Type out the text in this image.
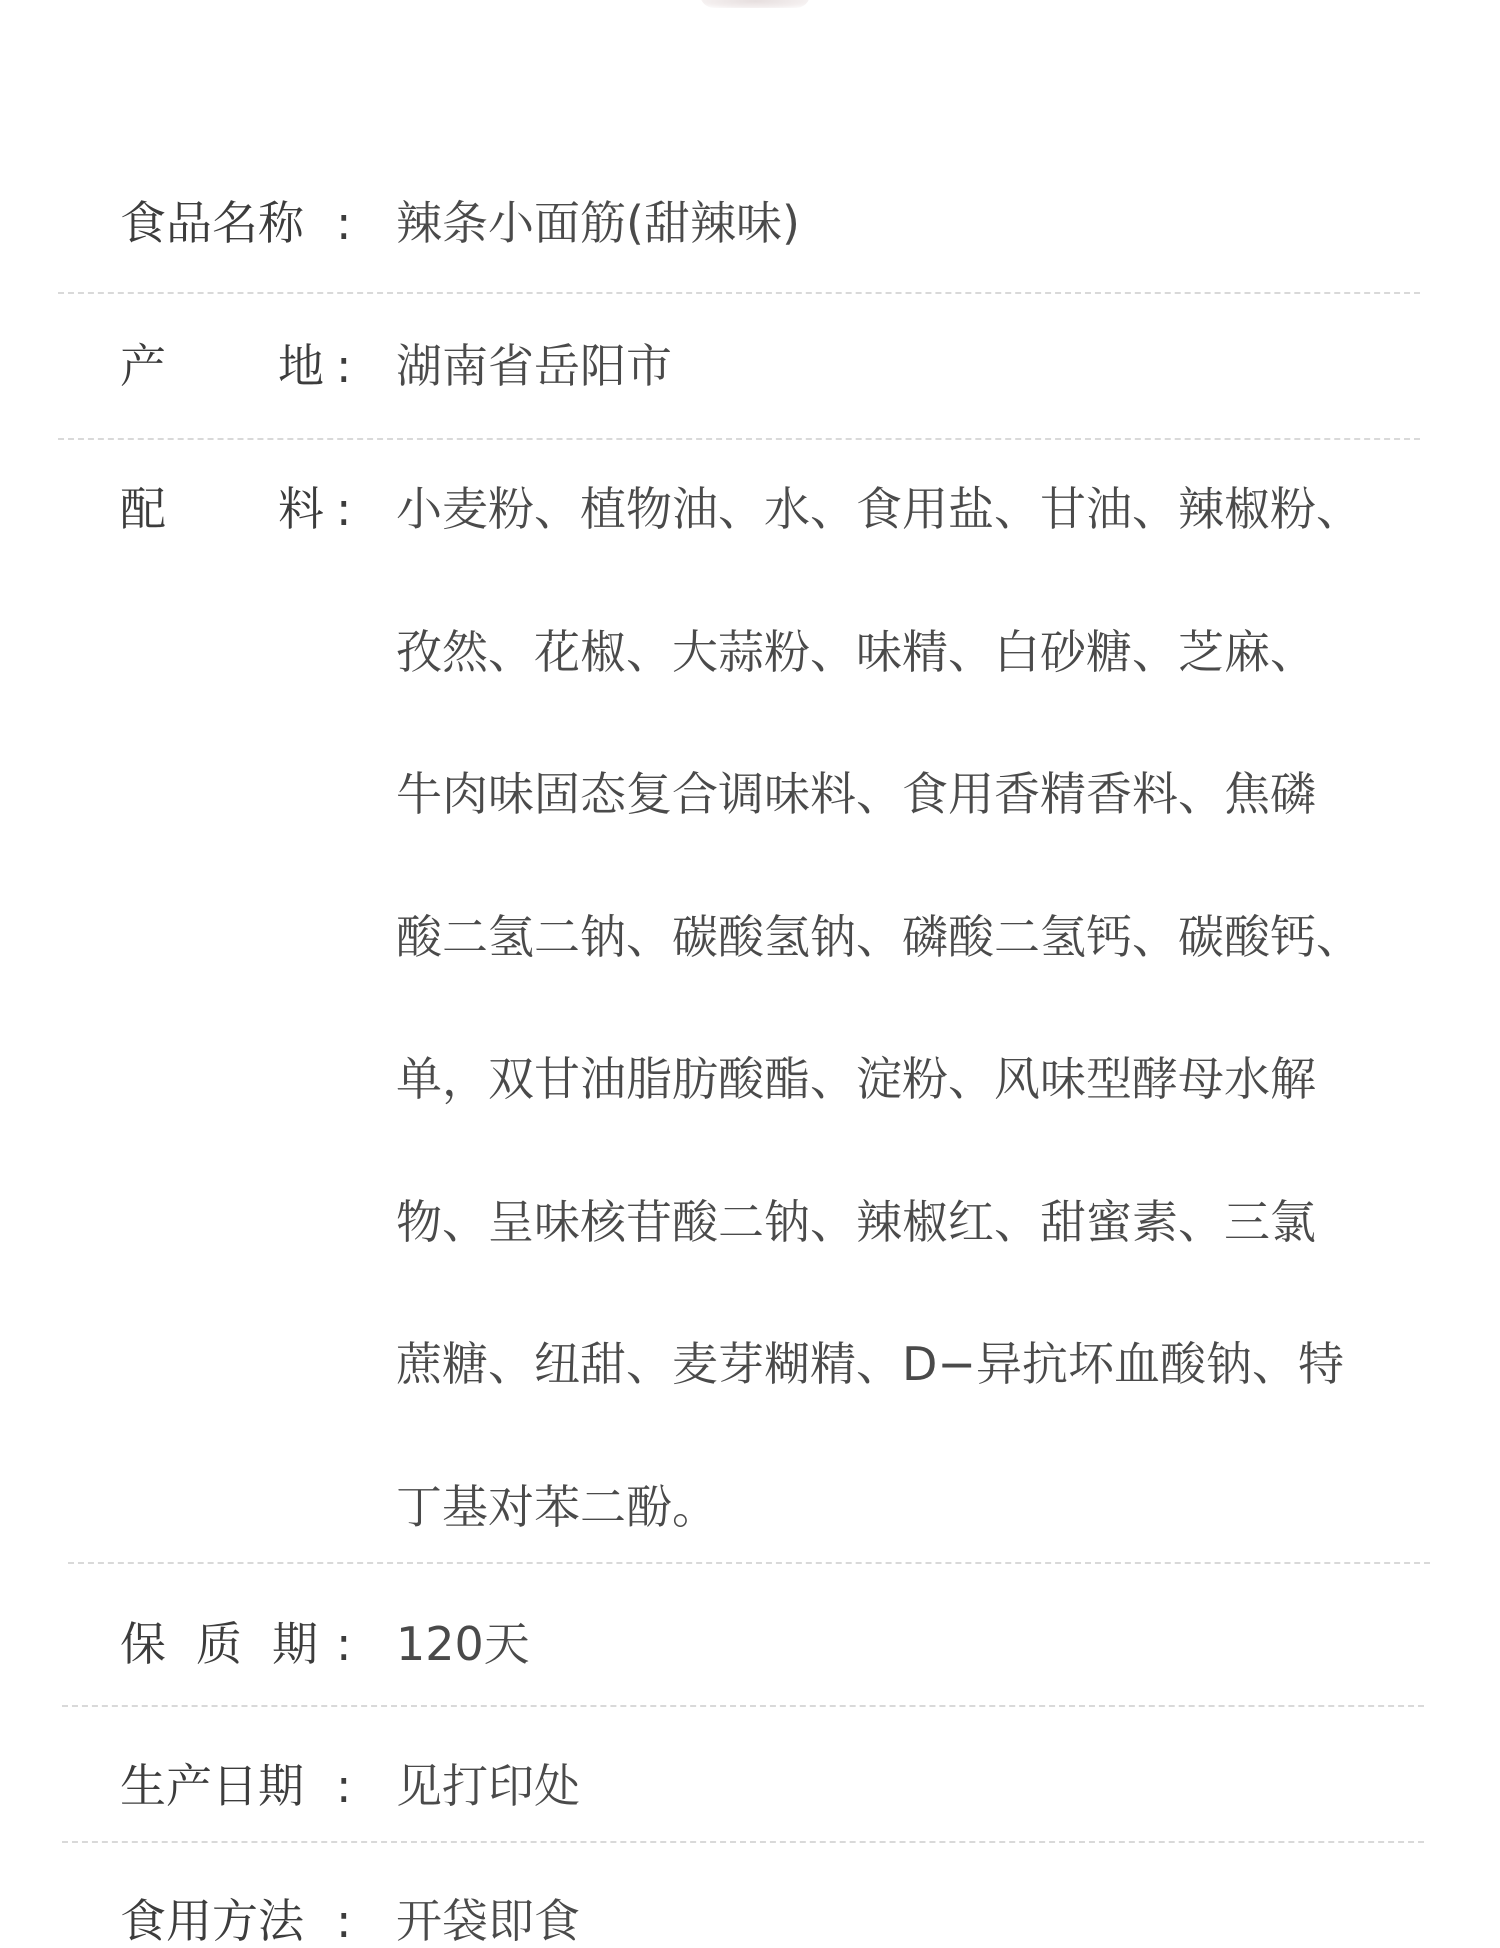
食品名称 : 辣条小面筋(甜辣味)
产 地 : 湖南省岳阳市
配 料 : 小麦粉、植物油、水、食用盐、甘油、辣椒粉、
孜然、花椒、大蒜粉、味精、白砂糖、芝麻、
牛肉味固态复合调味料、食用香精香料、焦磷
酸二氢二钠、碳酸氢钠、磷酸二氢钙、碳酸钙、
单，双甘油脂肪酸酯、淀粉、风味型酵母水解
物、呈味核苷酸二钠、辣椒红、甜蜜素、三氯
蔗糖、纽甜、麦芽糊精、D−异抗坏血酸钠、特
丁基对苯二酚。
保 质 期 : 120天
生产日期 : 见打印处
食用方法 : 开袋即食
